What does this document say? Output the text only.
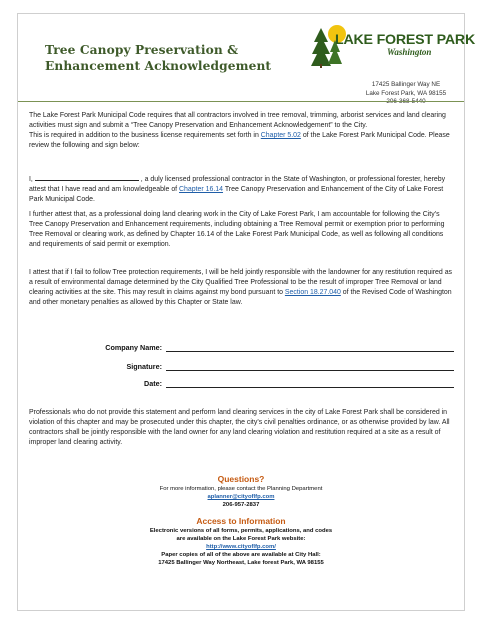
Tree Canopy Preservation &
Enhancement Acknowledgement
LAKE FOREST PARK
Washington
17425 Ballinger Way NE
Lake Forest Park, WA 98155
206-368-5440

The Lake Forest Park Municipal Code requires that all contractors involved in tree removal, trimming, arborist services and land clearing activities must sign and submit a “Tree Canopy Preservation and Enhancement Acknowledgement” to the City.

This is required in addition to the business license requirements set forth in Chapter 5.02 of the Lake Forest Park Municipal Code. Please review the following and sign below:

I,	, a duly licensed professional contractor in the State of Washington, or professional forester, hereby attest that I have read and am knowledgeable of Chapter 16.14 Tree Canopy Preservation and Enhancement of the City of Lake Forest Park Municipal Code.

I further attest that, as a professional doing land clearing work in the City of Lake Forest Park, I am accountable for following the City’s Tree Canopy Preservation and Enhancement requirements, including obtaining a Tree Removal permit or exemption prior to performing Tree Removal or clearing work, as defined by Chapter 16.14 of the Lake Forest Park Municipal Code, as well as following all conditions and requirements of said permit or exemption.

I attest that if I fail to follow Tree protection requirements, I will be held jointly responsible with the landowner for any restitution required as a result of environmental damage determined by the City Qualified Tree Professional to be the result of improper Tree Removal or land clearing activities at the site. This may result in claims against my bond pursuant to Section 18.27.040 of the Revised Code of Washington and other monetary penalties as allowed by this Chapter or State law.

Company Name:
Signature:
Date:

Professionals who do not provide this statement and perform land clearing services in the city of Lake Forest Park shall be considered in violation of this chapter and may be prosecuted under this chapter, the city’s civil penalties ordinance, or as otherwise provided by law. All contractors shall be jointly responsible with the land owner for any land clearing violation and restitution required at a site as a result of improper land clearing activity.

Questions?
For more information, please contact the Planning Department
aplanner@cityoflfp.com
206-957-2837
Access to Information
Electronic versions of all forms, permits, applications, and codes
are available on the Lake Forest Park website:
http://www.cityoflfp.com/
Paper copies of all of the above are available at City Hall:
17425 Ballinger Way Northeast, Lake forest Park, WA 98155
